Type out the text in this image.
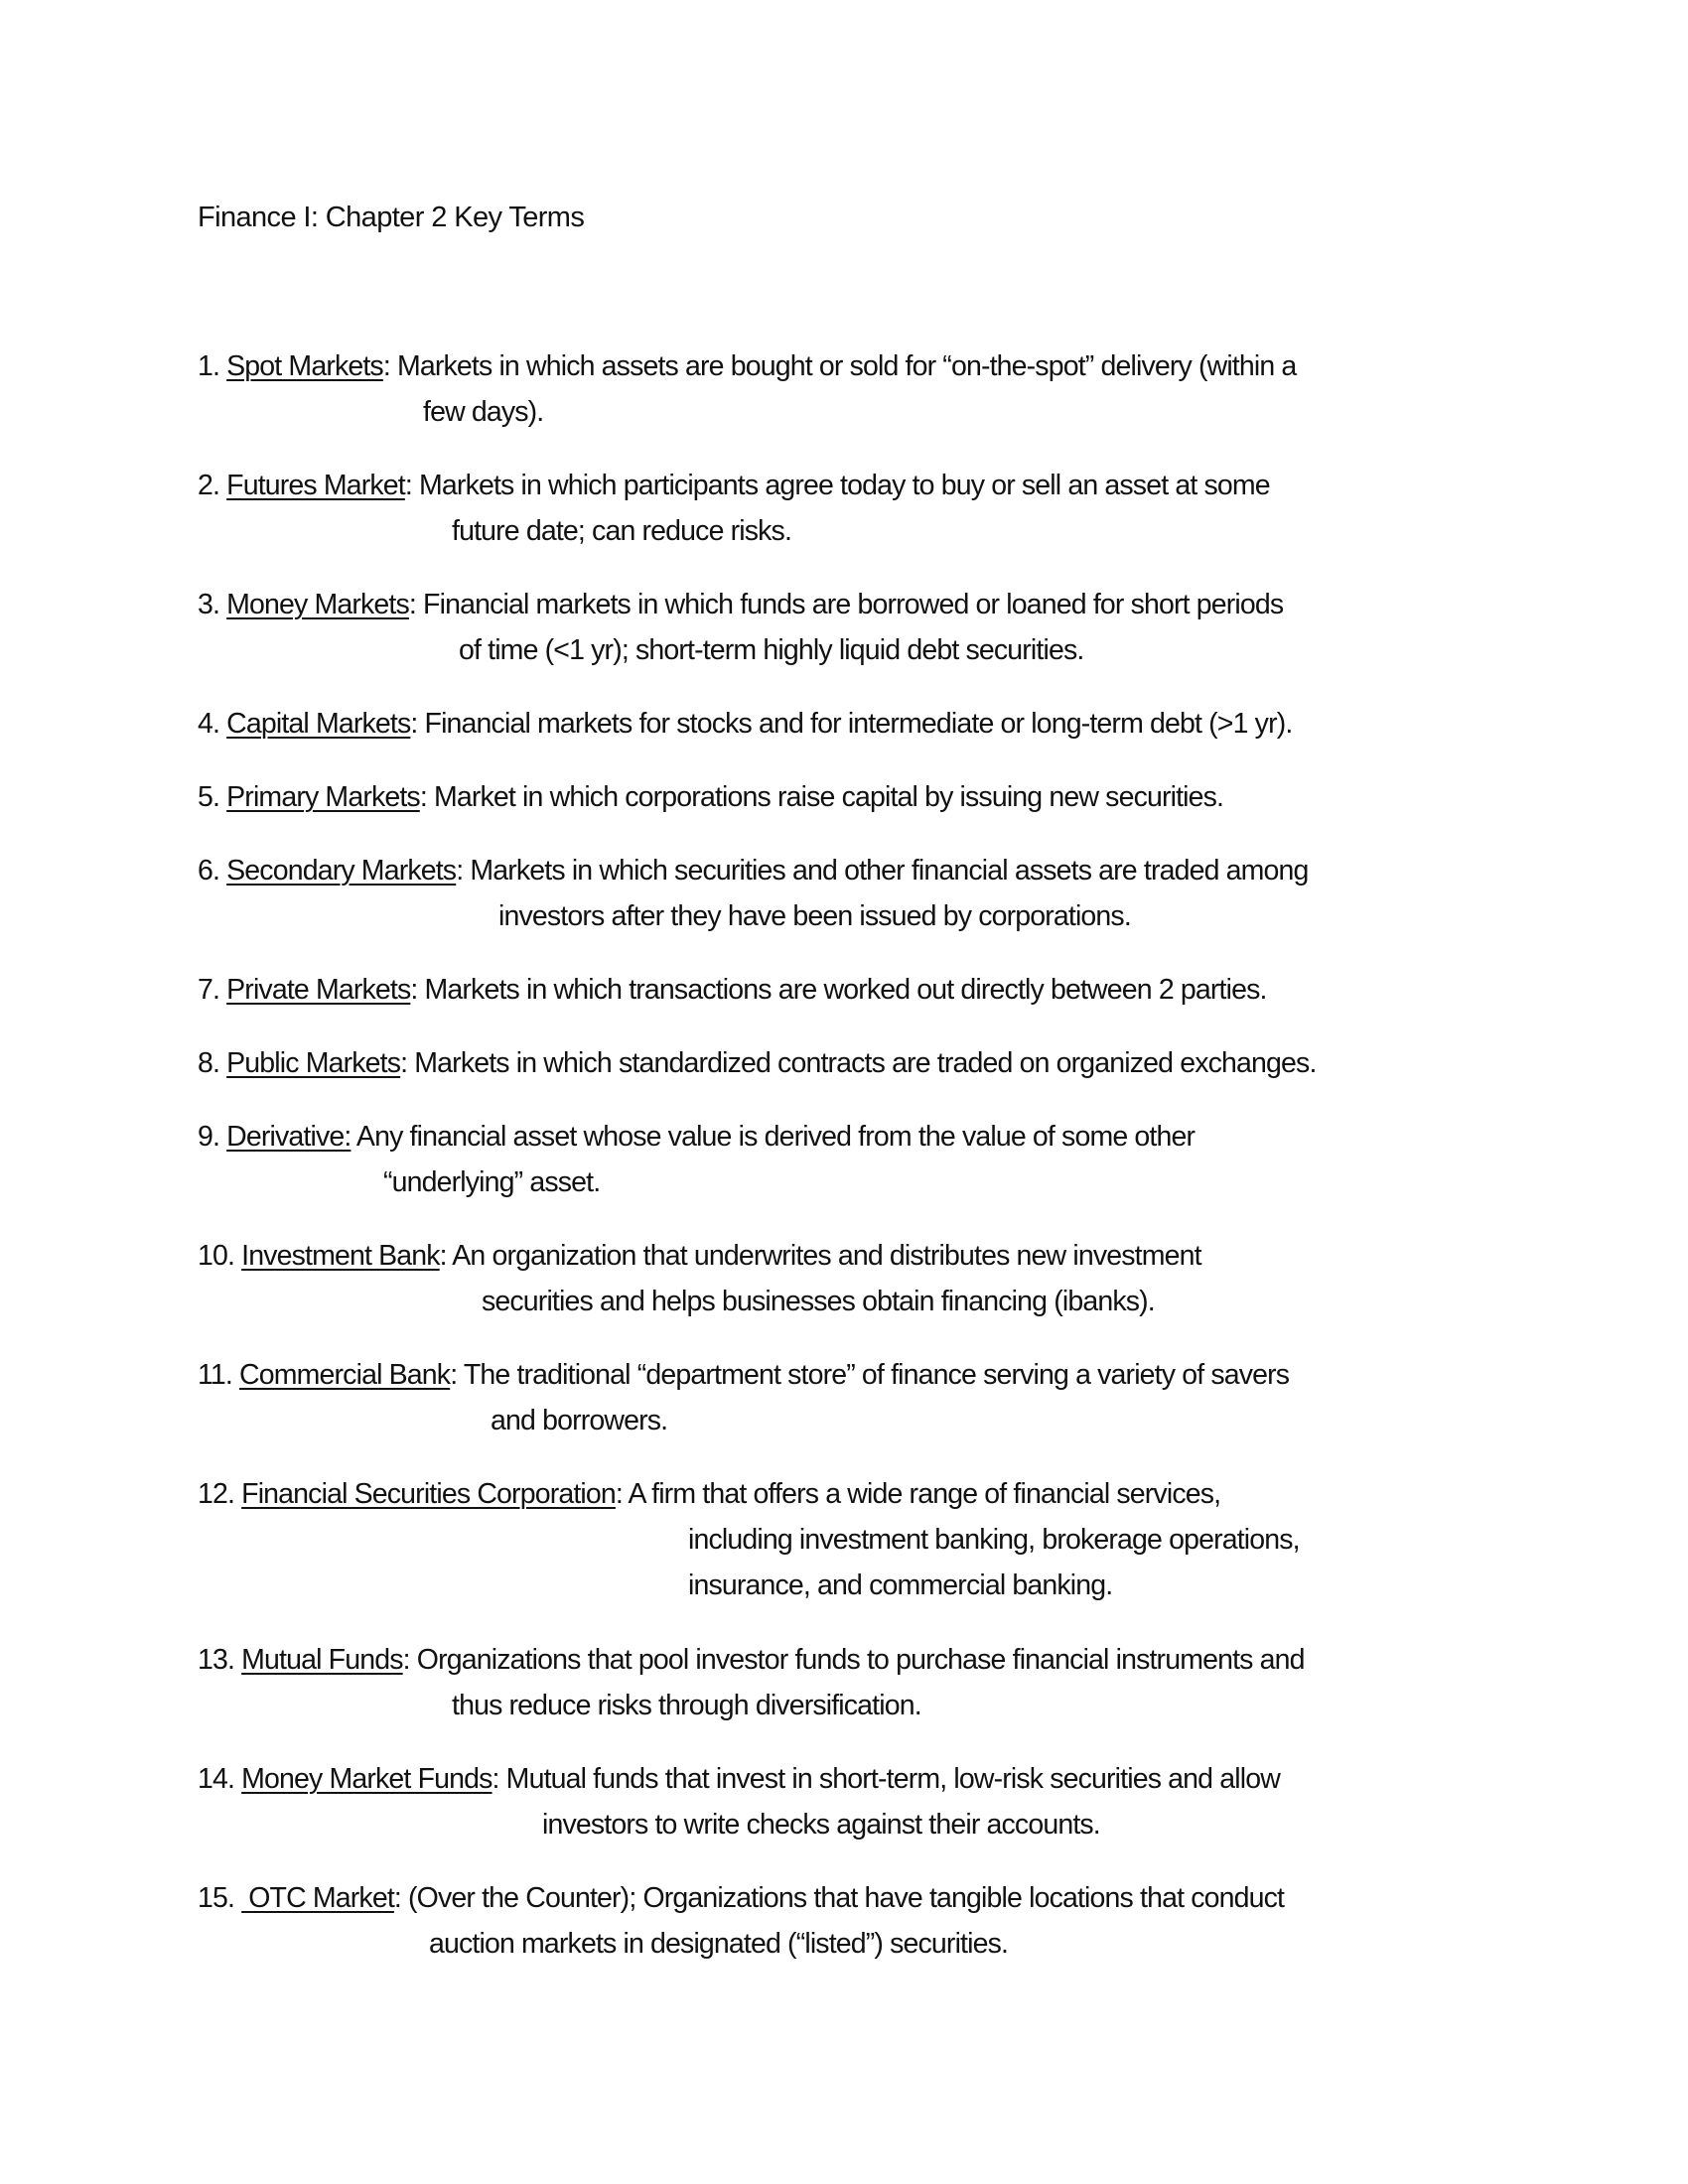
Finance I: Chapter 2 Key Terms
1. Spot Markets: Markets in which assets are bought or sold for “on-the-spot” delivery (within a
few days).
2. Futures Market: Markets in which participants agree today to buy or sell an asset at some
future date; can reduce risks.
3. Money Markets: Financial markets in which funds are borrowed or loaned for short periods
of time (<1 yr); short-term highly liquid debt securities.
4. Capital Markets: Financial markets for stocks and for intermediate or long-term debt (>1 yr).
5. Primary Markets: Market in which corporations raise capital by issuing new securities.
6. Secondary Markets: Markets in which securities and other financial assets are traded among
investors after they have been issued by corporations.
7. Private Markets: Markets in which transactions are worked out directly between 2 parties.
8. Public Markets: Markets in which standardized contracts are traded on organized exchanges.
9. Derivative: Any financial asset whose value is derived from the value of some other
“underlying” asset.
10. Investment Bank: An organization that underwrites and distributes new investment
securities and helps businesses obtain financing (ibanks).
11. Commercial Bank: The traditional “department store” of finance serving a variety of savers
and borrowers.
12. Financial Securities Corporation: A firm that offers a wide range of financial services,
including investment banking, brokerage operations,
insurance, and commercial banking.
13. Mutual Funds: Organizations that pool investor funds to purchase financial instruments and
thus reduce risks through diversification.
14. Money Market Funds: Mutual funds that invest in short-term, low-risk securities and allow
investors to write checks against their accounts.
15.  OTC Market: (Over the Counter); Organizations that have tangible locations that conduct
auction markets in designated (“listed”) securities.
